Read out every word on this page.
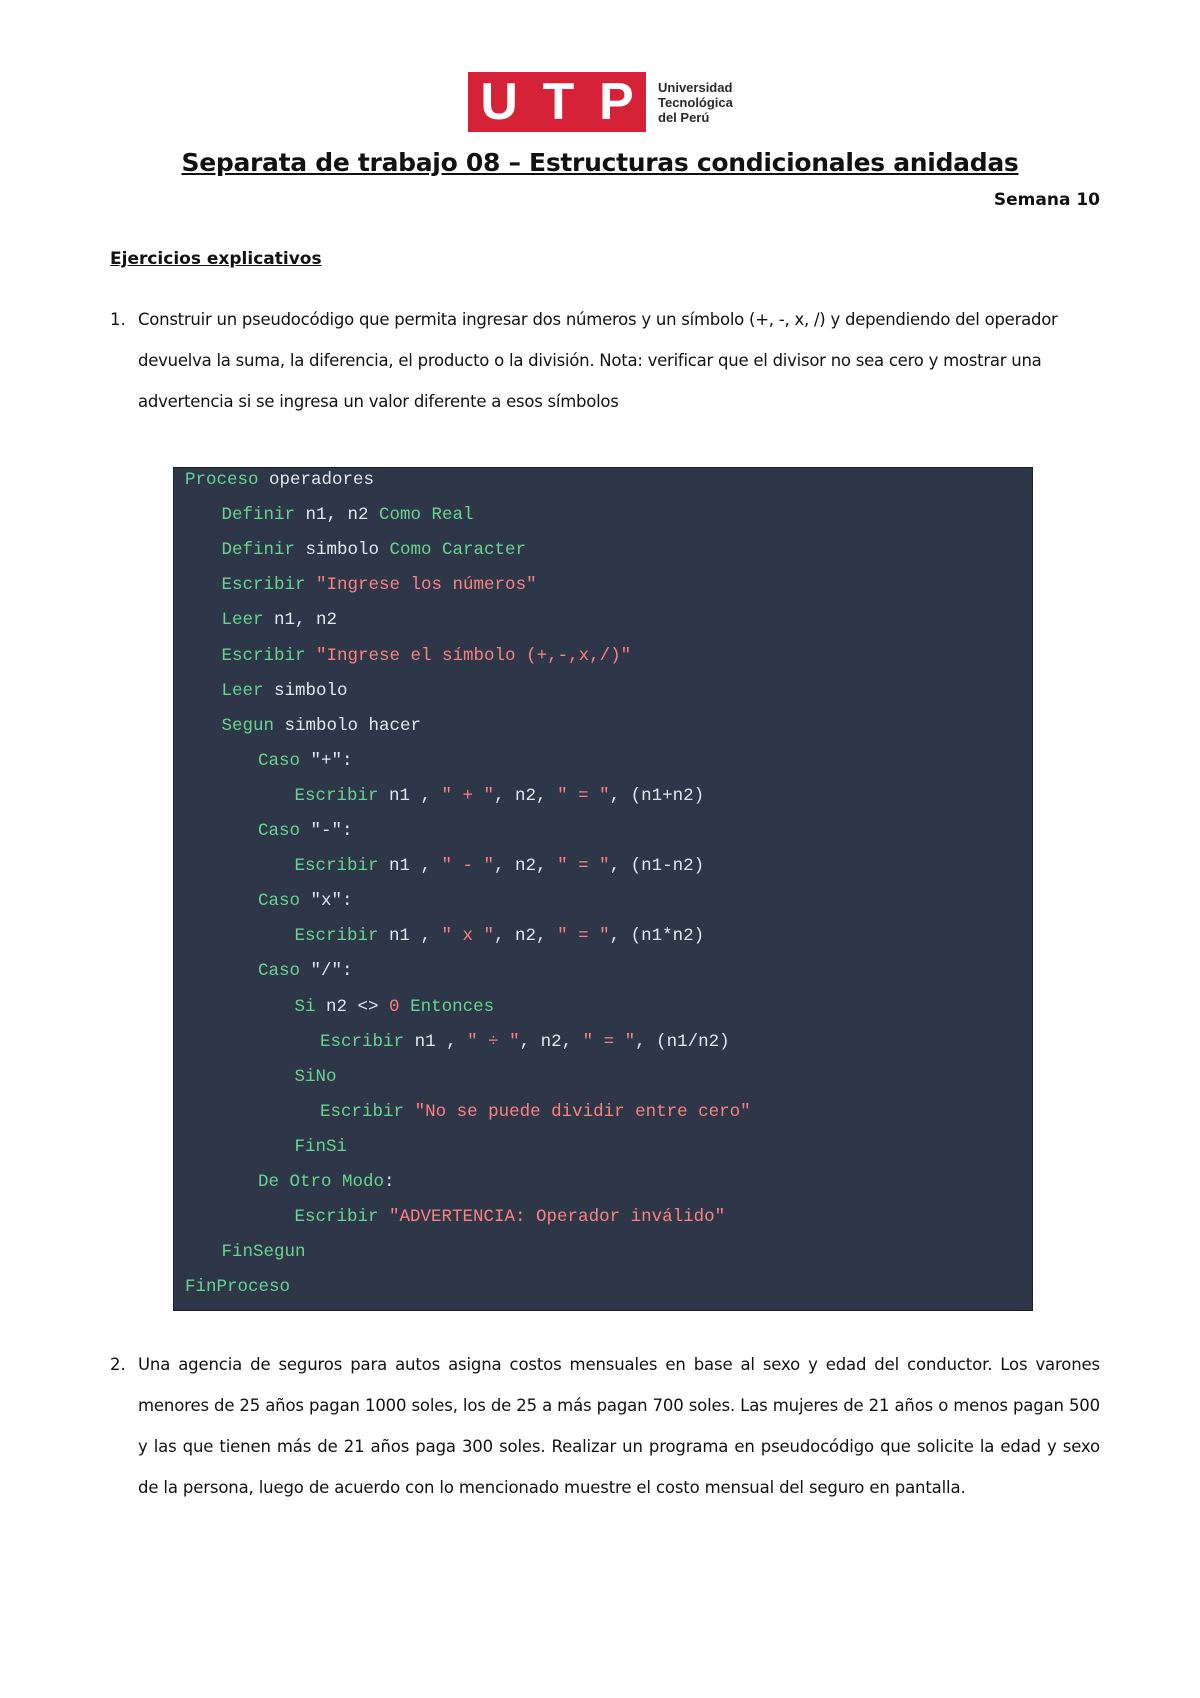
U T P Universidad
Tecnológica
del Perú
Separata de trabajo 08 – Estructuras condicionales anidadas
Semana 10
Ejercicios explicativos
1. Construir un pseudocódigo que permita ingresar dos números y un símbolo (+, -, x, /) y dependiendo del operador devuelva la suma, la diferencia, el producto o la división. Nota: verificar que el divisor no sea cero y mostrar una advertencia si se ingresa un valor diferente a esos símbolos
Proceso operadores
Definir n1, n2 Como Real
Definir simbolo Como Caracter
Escribir "Ingrese los números"
Leer n1, n2
Escribir "Ingrese el símbolo (+,-,x,/)"
Leer simbolo
Segun simbolo hacer
Caso "+":
Escribir n1 , " + ", n2, " = ", (n1+n2)
Caso "-":
Escribir n1 , " - ", n2, " = ", (n1-n2)
Caso "x":
Escribir n1 , " x ", n2, " = ", (n1*n2)
Caso "/":
Si n2 <> 0 Entonces
Escribir n1 , " ÷ ", n2, " = ", (n1/n2)
SiNo
Escribir "No se puede dividir entre cero"
FinSi
De Otro Modo:
Escribir "ADVERTENCIA: Operador inválido"
FinSegun
FinProceso
2. Una agencia de seguros para autos asigna costos mensuales en base al sexo y edad del conductor. Los varones menores de 25 años pagan 1000 soles, los de 25 a más pagan 700 soles. Las mujeres de 21 años o menos pagan 500 y las que tienen más de 21 años paga 300 soles. Realizar un programa en pseudocódigo que solicite la edad y sexo de la persona, luego de acuerdo con lo mencionado muestre el costo mensual del seguro en pantalla.
